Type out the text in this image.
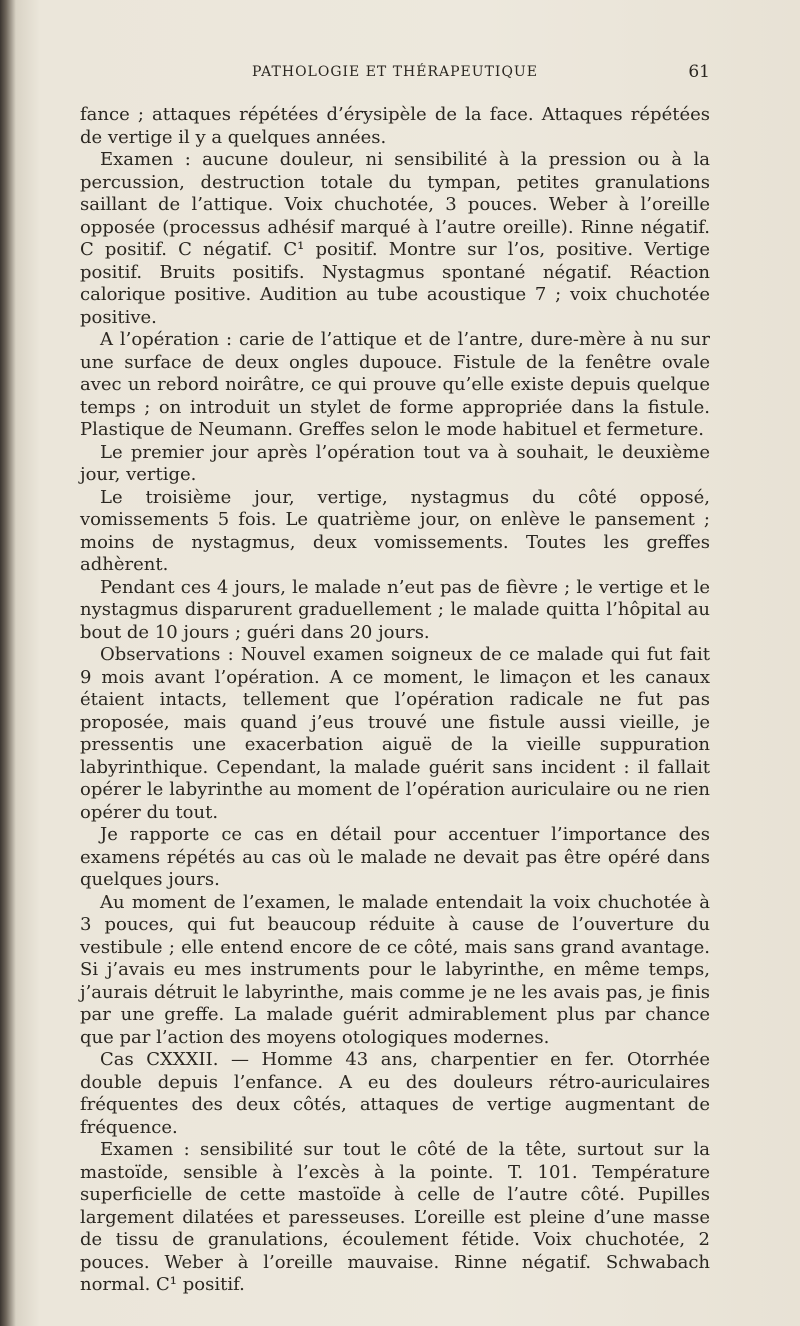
PATHOLOGIE ET THÉRAPEUTIQUE	61

fance ; attaques répétées d’érysipèle de la face. Attaques répétées de vertige il y a quelques années.

Examen : aucune douleur, ni sensibilité à la pression ou à la percussion, destruction totale du tympan, petites granulations saillant de l’attique. Voix chuchotée, 3 pouces. Weber à l’oreille opposée (processus adhésif marqué à l’autre oreille). Rinne négatif. C positif. C négatif. C¹ positif. Montre sur l’os, positive. Vertige positif. Bruits positifs. Nystagmus spontané négatif. Réaction calorique positive. Audition au tube acoustique 7 ; voix chuchotée positive.

A l’opération : carie de l’attique et de l’antre, dure-mère à nu sur une surface de deux ongles dupouce. Fistule de la fenêtre ovale avec un rebord noirâtre, ce qui prouve qu’elle existe depuis quelque temps ; on introduit un stylet de forme appropriée dans la fistule. Plastique de Neumann. Greffes selon le mode habituel et fermeture.

Le premier jour après l’opération tout va à souhait, le deuxième jour, vertige.

Le troisième jour, vertige, nystagmus du côté opposé, vomissements 5 fois. Le quatrième jour, on enlève le pansement ; moins de nystagmus, deux vomissements. Toutes les greffes adhèrent.

Pendant ces 4 jours, le malade n’eut pas de fièvre ; le vertige et le nystagmus disparurent graduellement ; le malade quitta l’hôpital au bout de 10 jours ; guéri dans 20 jours.

Observations : Nouvel examen soigneux de ce malade qui fut fait 9 mois avant l’opération. A ce moment, le limaçon et les canaux étaient intacts, tellement que l’opération radicale ne fut pas proposée, mais quand j’eus trouvé une fistule aussi vieille, je pressentis une exacerbation aiguë de la vieille suppuration labyrinthique. Cependant, la malade guérit sans incident : il fallait opérer le labyrinthe au moment de l’opération auriculaire ou ne rien opérer du tout.

Je rapporte ce cas en détail pour accentuer l’importance des examens répétés au cas où le malade ne devait pas être opéré dans quelques jours.

Au moment de l’examen, le malade entendait la voix chuchotée à 3 pouces, qui fut beaucoup réduite à cause de l’ouverture du vestibule ; elle entend encore de ce côté, mais sans grand avantage. Si j’avais eu mes instruments pour le labyrinthe, en même temps, j’aurais détruit le labyrinthe, mais comme je ne les avais pas, je finis par une greffe. La malade guérit admirablement plus par chance que par l’action des moyens otologiques modernes.

Cas CXXXII. — Homme 43 ans, charpentier en fer. Otorrhée double depuis l’enfance. A eu des douleurs rétro-auriculaires fréquentes des deux côtés, attaques de vertige augmentant de fréquence.

Examen : sensibilité sur tout le côté de la tête, surtout sur la mastoïde, sensible à l’excès à la pointe. T. 101. Température superficielle de cette mastoïde à celle de l’autre côté. Pupilles largement dilatées et paresseuses. L’oreille est pleine d’une masse de tissu de granulations, écoulement fétide. Voix chuchotée, 2 pouces. Weber à l’oreille mauvaise. Rinne négatif. Schwabach normal. C¹ positif.
